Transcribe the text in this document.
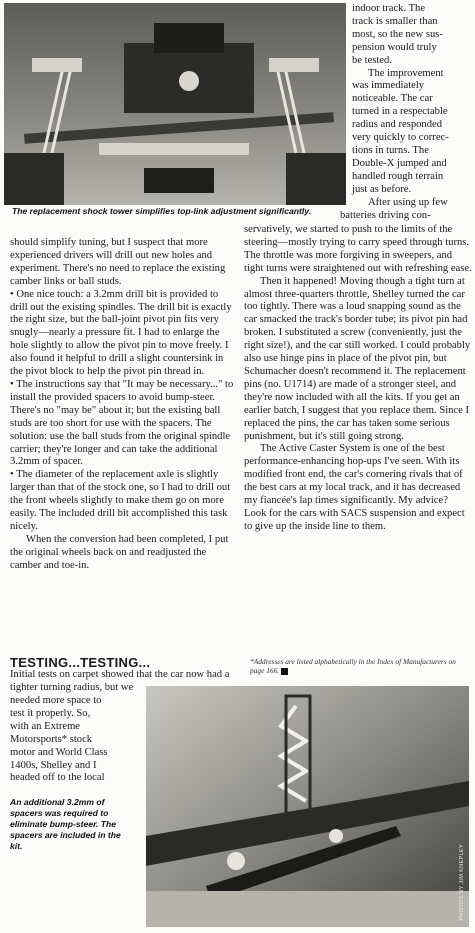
The replacement shock tower simplifies top-link adjustment significantly.

indoor track. The

track is smaller than

most, so the new sus-

pension would truly

be tested.

The improvement

was immediately

noticeable. The car

turned in a respectable

radius and responded

very quickly to correc-

tions in turns. The

Double-X jumped and

handled rough terrain

just as before.

After using up few

batteries driving con-

should simplify tuning, but I suspect that more experienced drivers will drill out new holes and experiment. There's no need to replace the existing camber links or ball studs.

• One nice touch: a 3.2mm drill bit is provided to drill out the existing spindles. The drill bit is exactly the right size, but the ball-joint pivot pin fits very snugly—nearly a pressure fit. I had to enlarge the hole slightly to allow the pivot pin to move freely. I also found it helpful to drill a slight countersink in the pivot block to help the pivot pin thread in.

• The instructions say that "It may be necessary..." to install the provided spacers to avoid bump-steer. There's no "may be" about it; but the existing ball studs are too short for use with the spacers. The solution: use the ball studs from the original spindle carrier; they're longer and can take the additional 3.2mm of spacer.

• The diameter of the replacement axle is slightly larger than that of the stock one, so I had to drill out the front wheels slightly to make them go on more easily. The included drill bit accomplished this task nicely.

When the conversion had been completed, I put the original wheels back on and readjusted the camber and toe-in.

TESTING...TESTING...
Initial tests on carpet showed that the car now had a tighter turning radius, but we

needed more space to

test it properly. So,

with an Extreme

Motorsports* stock

motor and World Class

1400s, Shelley and I

headed off to the local

An additional 3.2mm of spacers was required to eliminate bump-steer. The spacers are included in the kit.	PHOTOS BY JIM KNEPLEY

servatively, we started to push to the limits of the steering—mostly trying to carry speed through turns. The throttle was more forgiving in sweepers, and tight turns were straightened out with refreshing ease.

Then it happened! Moving though a tight turn at almost three-quarters throttle, Shelley turned the car too tightly. There was a loud snapping sound as the car smacked the track's border tube; its pivot pin had broken. I substituted a screw (conveniently, just the right size!), and the car still worked. I could probably also use hinge pins in place of the pivot pin, but Schumacher doesn't recommend it. The replacement pins (no. U1714) are made of a stronger steel, and they're now included with all the kits. If you get an earlier batch, I suggest that you replace them. Since I replaced the pins, the car has taken some serious punishment, but it's still going strong.

The Active Caster System is one of the best performance-enhancing hop-ups I've seen. With its modified front end, the car's cornering rivals that of the best cars at my local track, and it has decreased my fiancée's lap times significantly. My advice? Look for the cars with SACS suspension and expect to give up the inside line to them.

*Addresses are listed alphabetically in the Index of Manufacturers on page 166.
